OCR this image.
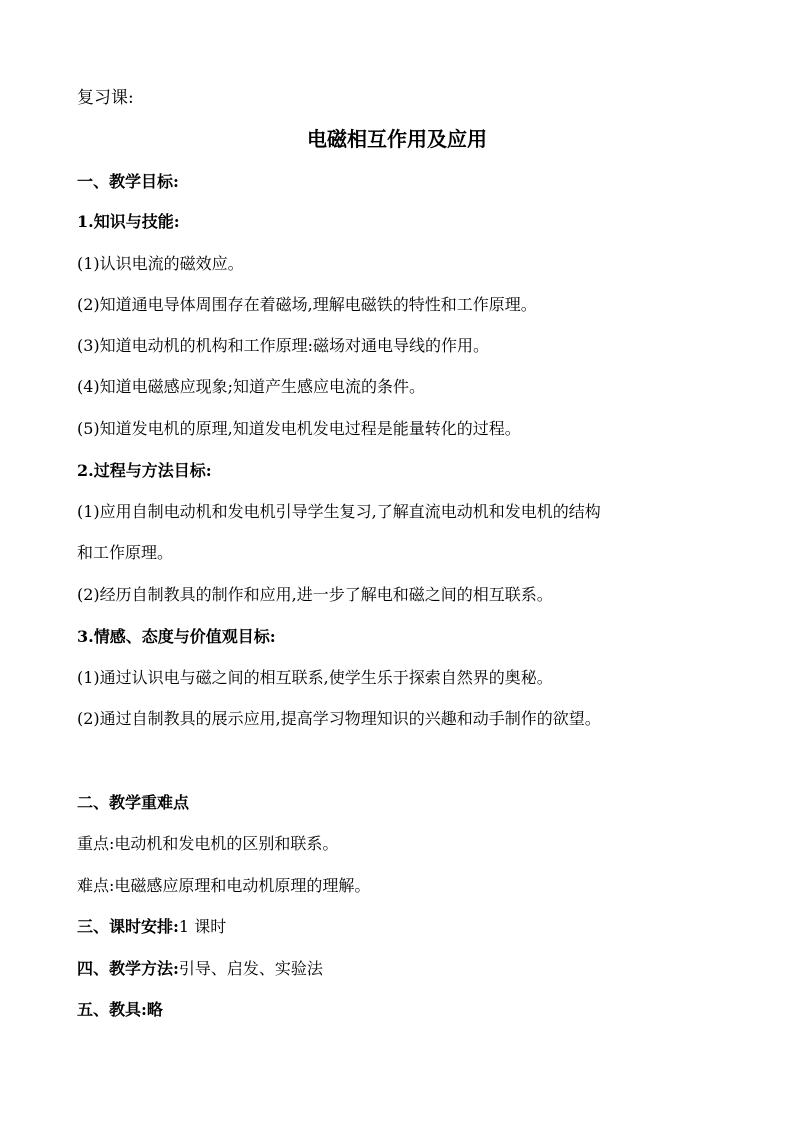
复习课:
电磁相互作用及应用
一、教学目标:
1.知识与技能:
(1)认识电流的磁效应。
(2)知道通电导体周围存在着磁场,理解电磁铁的特性和工作原理。
(3)知道电动机的机构和工作原理:磁场对通电导线的作用。
(4)知道电磁感应现象;知道产生感应电流的条件。
(5)知道发电机的原理,知道发电机发电过程是能量转化的过程。
2.过程与方法目标:
(1)应用自制电动机和发电机引导学生复习,了解直流电动机和发电机的结构
和工作原理。
(2)经历自制教具的制作和应用,进一步了解电和磁之间的相互联系。
3.情感、态度与价值观目标:
(1)通过认识电与磁之间的相互联系,使学生乐于探索自然界的奥秘。
(2)通过自制教具的展示应用,提高学习物理知识的兴趣和动手制作的欲望。
二、教学重难点
重点:电动机和发电机的区别和联系。
难点:电磁感应原理和电动机原理的理解。
三、课时安排:1 课时
四、教学方法:引导、启发、实验法
五、教具:略
